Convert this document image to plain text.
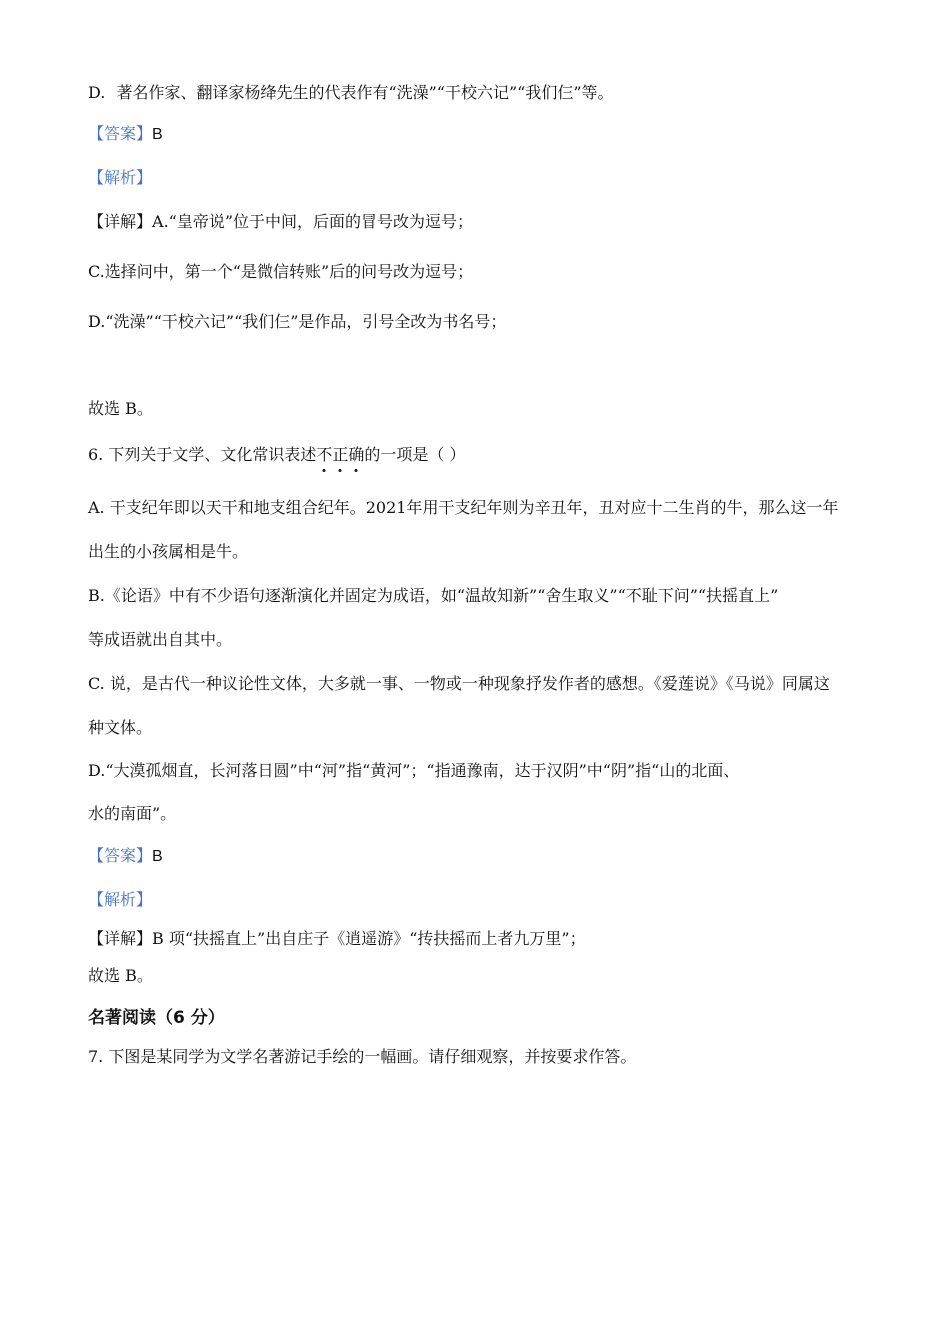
D. 著名作家、翻译家杨绛先生的代表作有“洗澡”“干校六记”“我们仨”等。
【答案】B
【解析】
【详解】A.“皇帝说”位于中间，后面的冒号改为逗号；
C.选择问中，第一个“是微信转账”后的问号改为逗号；
D.“洗澡”“干校六记”“我们仨”是作品，引号全改为书名号；
故选 B。
6. 下列关于文学、文化常识表述不正确的一项是（ ）
A. 干支纪年即以天干和地支组合纪年。2021年用干支纪年则为辛丑年，丑对应十二生肖的牛，那么这一年
出生的小孩属相是牛。
B.《论语》中有不少语句逐渐演化并固定为成语，如“温故知新”“舍生取义”“不耻下问”“扶摇直上”
等成语就出自其中。
C. 说，是古代一种议论性文体，大多就一事、一物或一种现象抒发作者的感想。《爱莲说》《马说》同属这
种文体。
D.“大漠孤烟直，长河落日圆”中“河”指“黄河”；“指通豫南，达于汉阴”中“阴”指“山的北面、
水的南面”。
【答案】B
【解析】
【详解】B 项“扶摇直上”出自庄子《逍遥游》“抟扶摇而上者九万里”；
故选 B。
名著阅读（6 分）
7. 下图是某同学为文学名著游记手绘的一幅画。请仔细观察，并按要求作答。
